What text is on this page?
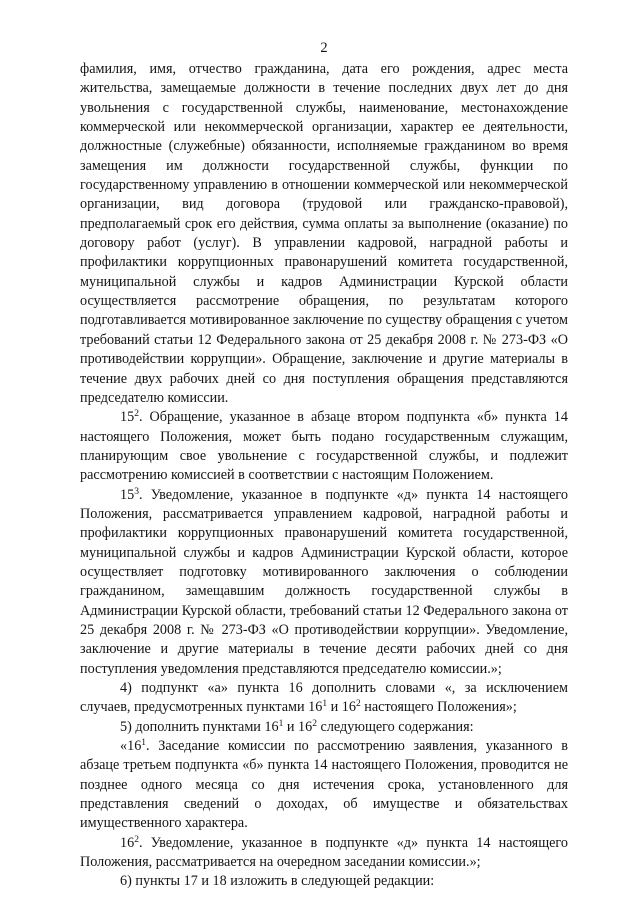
2

фамилия, имя, отчество гражданина, дата его рождения, адрес места жительства, замещаемые должности в течение последних двух лет до дня увольнения с государственной службы, наименование, местонахождение коммерческой или некоммерческой организации, характер ее деятельности, должностные (служебные) обязанности, исполняемые гражданином во время замещения им должности государственной службы, функции по государственному управлению в отношении коммерческой или некоммерческой организации, вид договора (трудовой или гражданско-правовой), предполагаемый срок его действия, сумма оплаты за выполнение (оказание) по договору работ (услуг). В управлении кадровой, наградной работы и профилактики коррупционных правонарушений комитета государственной, муниципальной службы и кадров Администрации Курской области осуществляется рассмотрение обращения, по результатам которого подготавливается мотивированное заключение по существу обращения с учетом требований статьи 12 Федерального закона от 25 декабря 2008 г. № 273-ФЗ «О противодействии коррупции». Обращение, заключение и другие материалы в течение двух рабочих дней со дня поступления обращения представляются председателю комиссии.

$15^2$. Обращение, указанное в абзаце втором подпункта «б» пункта 14 настоящего Положения, может быть подано государственным служащим, планирующим свое увольнение с государственной службы, и подлежит рассмотрению комиссией в соответствии с настоящим Положением.

$15^3$. Уведомление, указанное в подпункте «д» пункта 14 настоящего Положения, рассматривается управлением кадровой, наградной работы и профилактики коррупционных правонарушений комитета государственной, муниципальной службы и кадров Администрации Курской области, которое осуществляет подготовку мотивированного заключения о соблюдении гражданином, замещавшим должность государственной службы в Администрации Курской области, требований статьи 12 Федерального закона от 25 декабря 2008 г. № 273-ФЗ «О противодействии коррупции». Уведомление, заключение и другие материалы в течение десяти рабочих дней со дня поступления уведомления представляются председателю комиссии.»;

4) подпункт «а» пункта 16 дополнить словами «, за исключением случаев, предусмотренных пунктами $16^1$ и $16^2$ настоящего Положения»;

5) дополнить пунктами $16^1$ и $16^2$ следующего содержания:

«$16^1$. Заседание комиссии по рассмотрению заявления, указанного в абзаце третьем подпункта «б» пункта 14 настоящего Положения, проводится не позднее одного месяца со дня истечения срока, установленного для представления сведений о доходах, об имуществе и обязательствах имущественного характера.

$16^2$. Уведомление, указанное в подпункте «д» пункта 14 настоящего Положения, рассматривается на очередном заседании комиссии.»;

6) пункты 17 и 18 изложить в следующей редакции:
